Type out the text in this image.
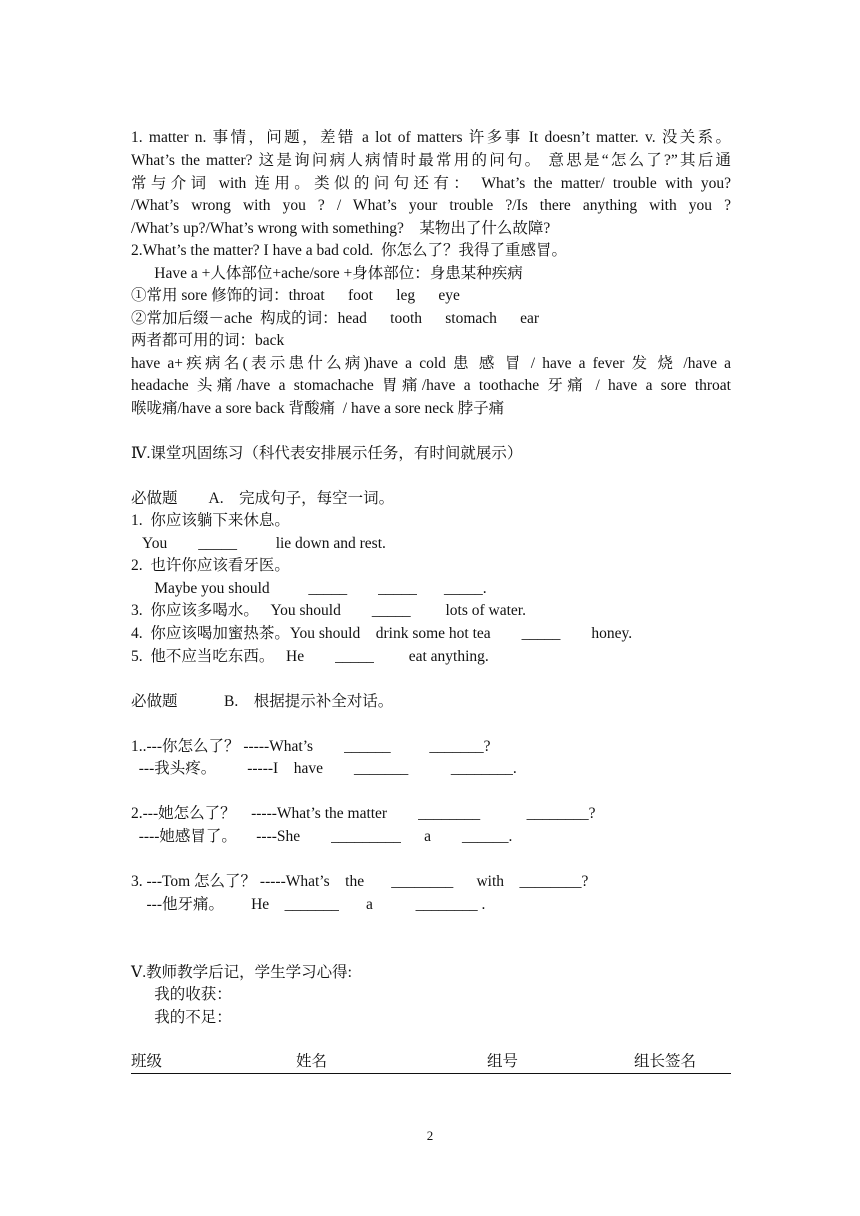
1. matter n. 事情，问题，差错 a lot of matters 许多事 It doesn’t matter. v. 没关系。
What’s the matter? 这是询问病人病情时最常用的问句。 意思是“怎么了?”其后通
常与介词 with 连用。类似的问句还有： What’s the matter/ trouble with you?
/What’s wrong with you ? / What’s your trouble ?/Is there anything with you ?
/What’s up?/What’s wrong with something?    某物出了什么故障?
2.What’s the matter? I have a bad cold.  你怎么了？我得了重感冒。
Have a +人体部位+ache/sore +身体部位：身患某种疾病
①常用 sore 修饰的词：throat      foot      leg      eye
②常加后缀－ache  构成的词：head      tooth      stomach      ear
两者都可用的词：back
have a+疾病名(表示患什么病)have a cold 患 感 冒 / have a fever 发 烧 /have a
headache 头痛/have a stomachache 胃痛/have a toothache 牙痛 / have a sore throat
喉咙痛/have a sore back 背酸痛  / have a sore neck 脖子痛
Ⅳ.课堂巩固练习（科代表安排展示任务，有时间就展示）
必做题        A.    完成句子，每空一词。
1.  你应该躺下来休息。
You        _____          lie down and rest.
2.  也许你应该看牙医。
Maybe you should          _____        _____       _____.
3.  你应该多喝水。   You should        _____         lots of water.
4.  你应该喝加蜜热茶。You should    drink some hot tea        _____        honey.
5.  他不应当吃东西。   He        _____         eat anything.
必做题            B.    根据提示补全对话。
1..---你怎么了？ -----What’s        ______          _______?
---我头疼。        -----I    have        _______           ________.
2.---她怎么了？    -----What’s the matter        ________            ________?
----她感冒了。     ----She        _________      a        ______.
3. ---Tom 怎么了？ -----What’s    the       ________      with    ________?
---他牙痛。       He    _______       a           ________ .
Ⅴ.教师教学后记，学生学习心得:
我的收获：
我的不足：
班级	姓名	组号	组长签名
2
